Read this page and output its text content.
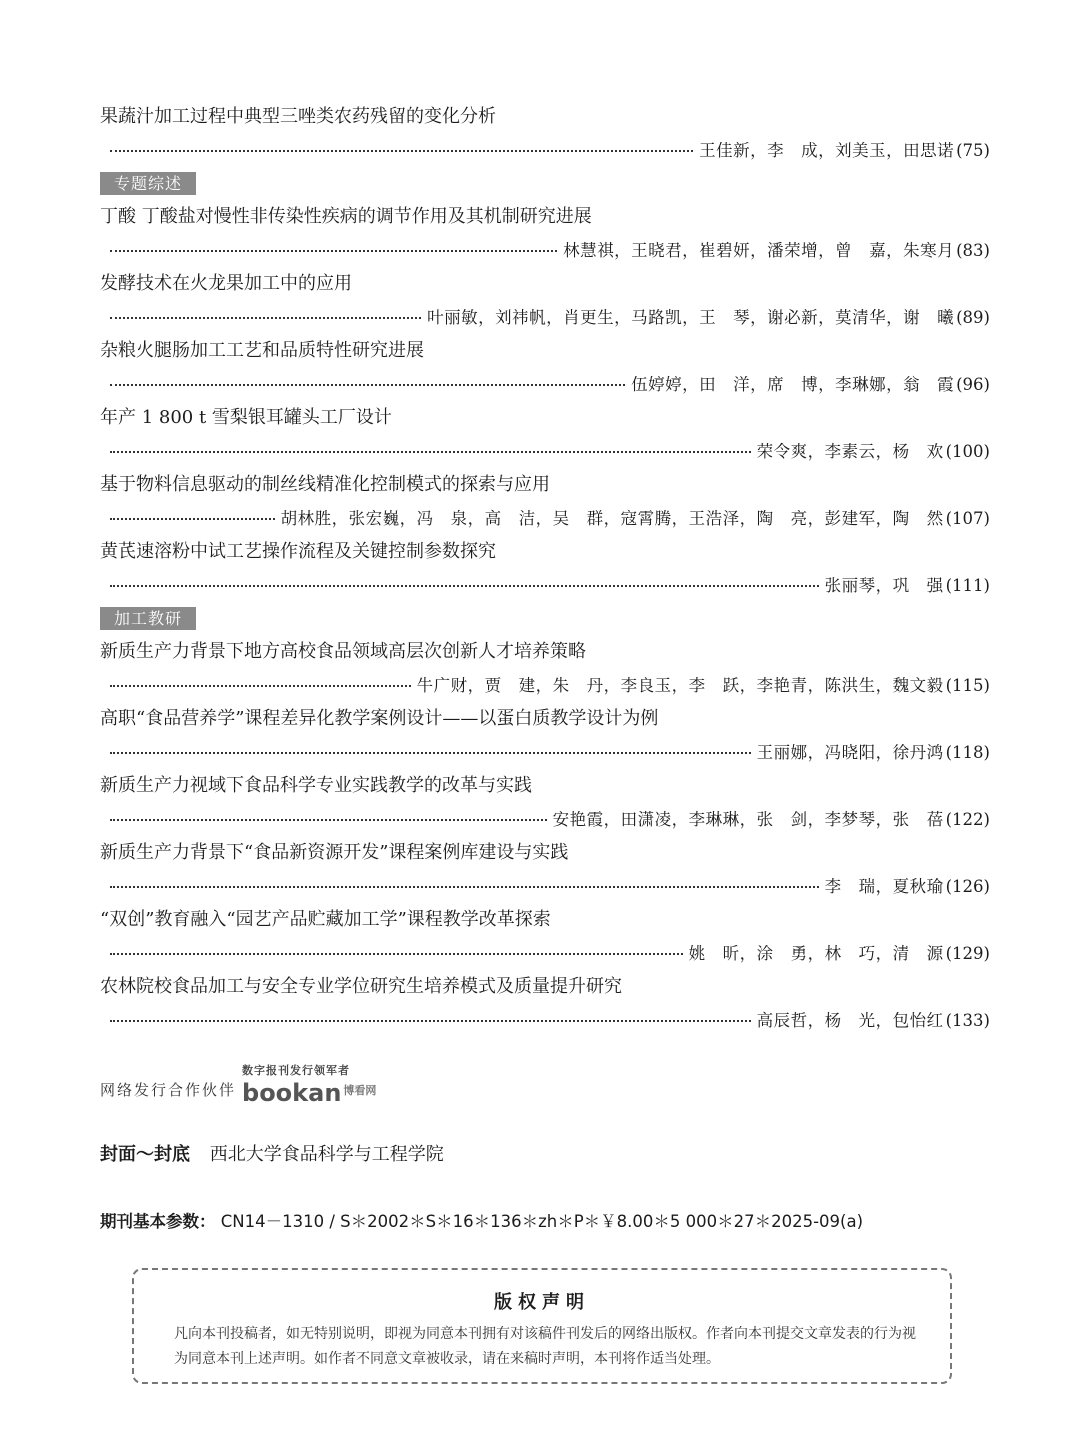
果蔬汁加工过程中典型三唑类农药残留的变化分析
王佳新，李　成，刘美玉，田思诺 (75)
专题综述
丁酸 丁酸盐对慢性非传染性疾病的调节作用及其机制研究进展
林慧祺，王晓君，崔碧妍，潘荣增，曾　嘉，朱寒月 (83)
发酵技术在火龙果加工中的应用
叶丽敏，刘祎帆，肖更生，马路凯，王　琴，谢必新，莫清华，谢　曦 (89)
杂粮火腿肠加工工艺和品质特性研究进展
伍婷婷，田　洋，席　博，李琳娜，翁　霞 (96)
年产 1 800 t 雪梨银耳罐头工厂设计
荣令爽，李素云，杨　欢 (100)
基于物料信息驱动的制丝线精准化控制模式的探索与应用
胡林胜，张宏巍，冯　泉，高　洁，吴　群，寇霄腾，王浩泽，陶　亮，彭建军，陶　然 (107)
黄芪速溶粉中试工艺操作流程及关键控制参数探究
张丽琴，巩　强 (111)
加工教研
新质生产力背景下地方高校食品领域高层次创新人才培养策略
牛广财，贾　建，朱　丹，李良玉，李　跃，李艳青，陈洪生，魏文毅 (115)
高职“食品营养学”课程差异化教学案例设计——以蛋白质教学设计为例
王丽娜，冯晓阳，徐丹鸿 (118)
新质生产力视域下食品科学专业实践教学的改革与实践
安艳霞，田潇凌，李琳琳，张　剑，李梦琴，张　蓓 (122)
新质生产力背景下“食品新资源开发”课程案例库建设与实践
李　瑞，夏秋瑜 (126)
“双创”教育融入“园艺产品贮藏加工学”课程教学改革探索
姚　昕，涂　勇，林　巧，清　源 (129)
农林院校食品加工与安全专业学位研究生培养模式及质量提升研究
高辰哲，杨　光，包怡红 (133)
网络发行合作伙伴
数字报刊发行领军者
bookan 博看网
封面～封底 西北大学食品科学与工程学院
期刊基本参数： CN14－1310 / S＊2002＊S＊16＊136＊zh＊P＊￥8.00＊5 000＊27＊2025-09(a)
版权声明
凡向本刊投稿者，如无特别说明，即视为同意本刊拥有对该稿件刊发后的网络出版权。作者向本刊提交文章发表的行为视为同意本刊上述声明。如作者不同意文章被收录，请在来稿时声明，本刊将作适当处理。
